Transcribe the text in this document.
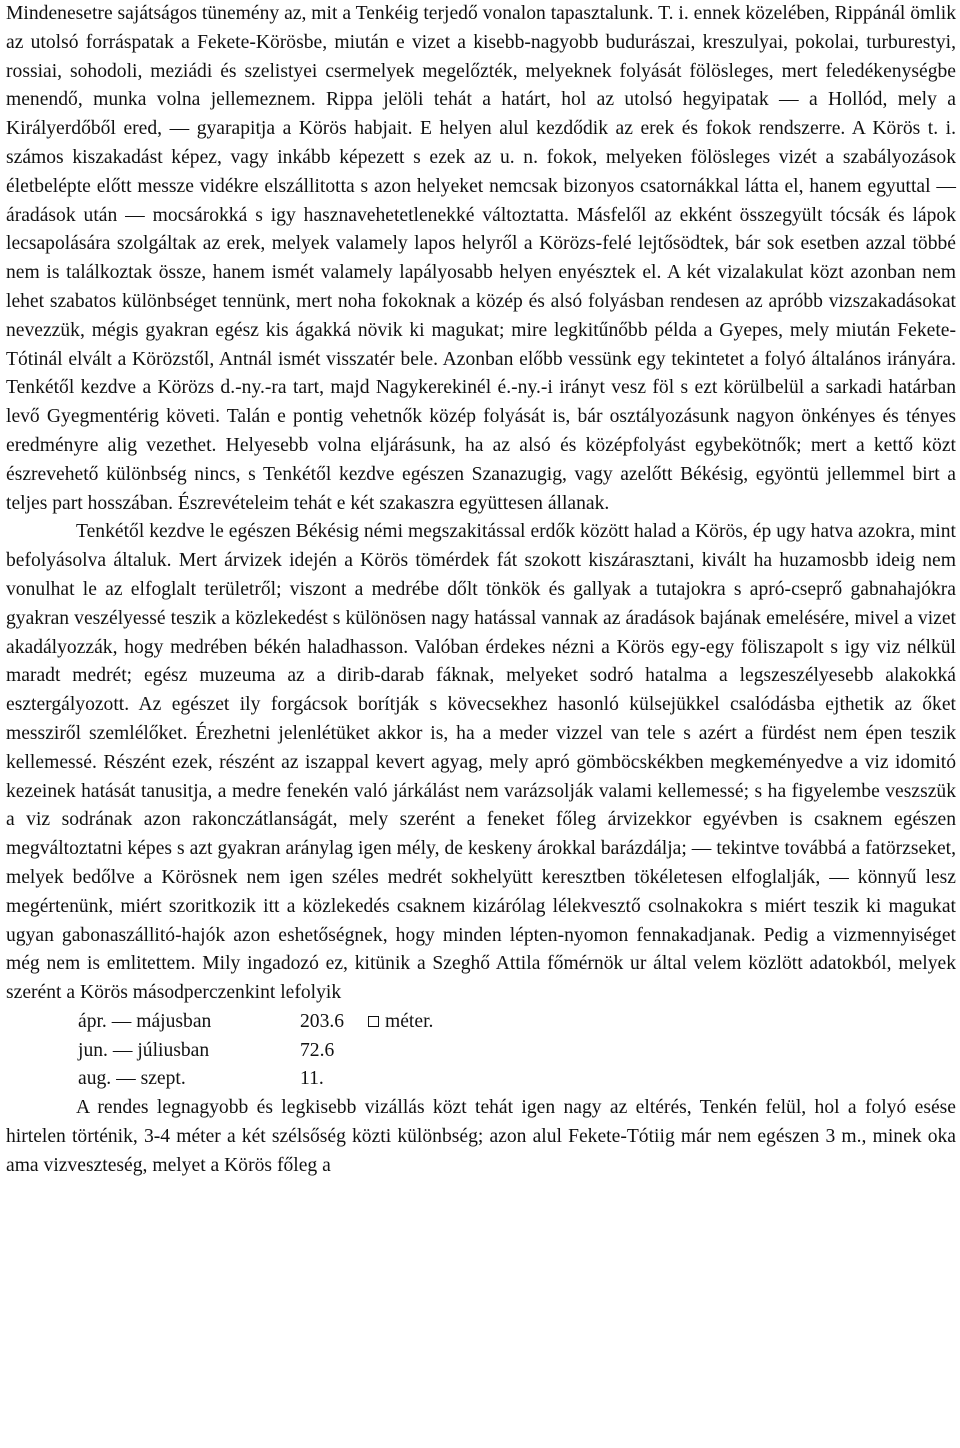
Mindenesetre sajátságos tünemény az, mit a Tenkéig terjedő vonalon tapasztalunk. T. i. ennek közelében, Rippánál ömlik az utolsó forráspatak a Fekete-Körösbe, miután e vizet a kisebb-nagyobb budurászai, kreszulyai, pokolai, turburestyi, rossiai, sohodoli, meziádi és szelistyei csermelyek megelőzték, melyeknek folyását fölösleges, mert feledékenységbe menendő, munka volna jellemeznem. Rippa jelöli tehát a határt, hol az utolsó hegyipatak — a Hollód, mely a Királyerdőből ered, — gyarapitja a Körös habjait. E helyen alul kezdődik az erek és fokok rendszerre. A Körös t. i. számos kiszakadást képez, vagy inkább képezett s ezek az u. n. fokok, melyeken fölösleges vizét a szabályozások életbelépte előtt messze vidékre elszállitotta s azon helyeket nemcsak bizonyos csatornákkal látta el, hanem egyuttal — áradások után — mocsárokká s igy hasznavehetetlenekké változtatta. Másfelől az ekként összegyült tócsák és lápok lecsapolására szolgáltak az erek, melyek valamely lapos helyről a Körözs-felé lejtősödtek, bár sok esetben azzal többé nem is találkoztak össze, hanem ismét valamely lapályosabb helyen enyésztek el. A két vizalakulat közt azonban nem lehet szabatos különbséget tennünk, mert noha fokoknak a közép és alsó folyásban rendesen az apróbb vizszakadásokat nevezzük, mégis gyakran egész kis ágakká növik ki magukat; mire legkitűnőbb példa a Gyepes, mely miután Fekete-Tótinál elvált a Körözstől, Antnál ismét visszatér bele. Azonban előbb vessünk egy tekintetet a folyó általános irányára. Tenkétől kezdve a Körözs d.-ny.-ra tart, majd Nagykerekinél é.-ny.-i irányt vesz föl s ezt körülbelül a sarkadi határban levő Gyegmentérig követi. Talán e pontig vehetnők közép folyását is, bár osztályozásunk nagyon önkényes és tényes eredményre alig vezethet. Helyesebb volna eljárásunk, ha az alsó és középfolyást egybekötnők; mert a kettő közt észrevehető különbség nincs, s Tenkétől kezdve egészen Szanazugig, vagy azelőtt Békésig, egyöntü jellemmel birt a teljes part hosszában. Észrevételeim tehát e két szakaszra együttesen állanak.

Tenkétől kezdve le egészen Békésig némi megszakitással erdők között halad a Körös, ép ugy hatva azokra, mint befolyásolva általuk. Mert árvizek idején a Körös tömérdek fát szokott kiszárasztani, kivált ha huzamosbb ideig nem vonulhat le az elfoglalt területről; viszont a medrébe dőlt tönkök és gallyak a tutajokra s apró-cseprő gabnahajókra gyakran veszélyessé teszik a közlekedést s különösen nagy hatással vannak az áradások bajának emelésére, mivel a vizet akadályozzák, hogy medrében békén haladhasson. Valóban érdekes nézni a Körös egy-egy föliszapolt s igy viz nélkül maradt medrét; egész muzeuma az a dirib-darab fáknak, melyeket sodró hatalma a legszeszélyesebb alakokká esztergályozott. Az egészet ily forgácsok borítják s kövecsekhez hasonló külsejükkel csalódásba ejthetik az őket messziről szemlélőket. Érezhetni jelenlétüket akkor is, ha a meder vizzel van tele s azért a fürdést nem épen teszik kellemessé. Részént ezek, részént az iszappal kevert agyag, mely apró gömböcskékben megkeményedve a viz idomitó kezeinek hatását tanusitja, a medre fenekén való járkálást nem varázsolják valami kellemessé; s ha figyelembe veszszük a viz sodrának azon rakonczátlanságát, mely szerént a feneket főleg árvizekkor egyévben is csaknem egészen megváltoztatni képes s azt gyakran aránylag igen mély, de keskeny árokkal barázdálja; — tekintve továbbá a fatörzseket, melyek bedőlve a Körösnek nem igen széles medrét sokhelyütt keresztben tökéletesen elfoglalják, — könnyű lesz megértenünk, miért szoritkozik itt a közlekedés csaknem kizárólag lélekvesztő csolnakokra s miért teszik ki magukat ugyan gabonaszállitó-hajók azon eshetőségnek, hogy minden lépten-nyomon fennakadjanak. Pedig a vizmennyiséget még nem is emlitettem. Mily ingadozó ez, kitünik a Szeghő Attila főmérnök ur által velem közlött adatokból, melyek szerént a Körös másodperczenkint lefolyik

ápr. — májusban	203.6	méter.
jun. — júliusban	72.6
aug. — szept.	11.

A rendes legnagyobb és legkisebb vizállás közt tehát igen nagy az eltérés, Tenkén felül, hol a folyó esése hirtelen történik, 3-4 méter a két szélsőség közti különbség; azon alul Fekete-Tótiig már nem egészen 3 m., minek oka ama vizveszteség, melyet a Körös főleg a
